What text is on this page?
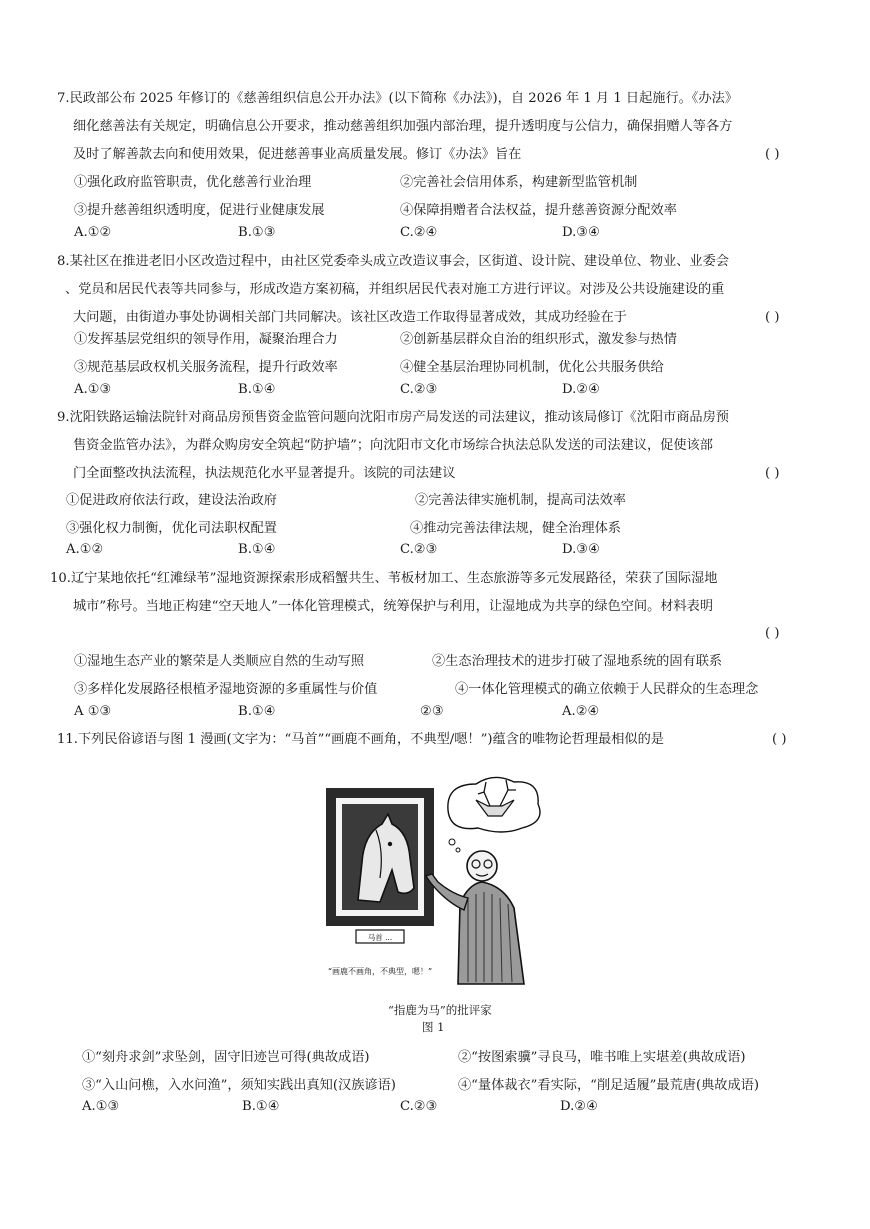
7.民政部公布 2025 年修订的《慈善组织信息公开办法》(以下简称《办法》)，自 2026 年 1 月 1 日起施行。《办法》
细化慈善法有关规定，明确信息公开要求，推动慈善组织加强内部治理，提升透明度与公信力，确保捐赠人等各方
及时了解善款去向和使用效果，促进慈善事业高质量发展。修订《办法》旨在	( )
①强化政府监管职责，优化慈善行业治理	②完善社会信用体系，构建新型监管机制
③提升慈善组织透明度，促进行业健康发展	④保障捐赠者合法权益，提升慈善资源分配效率
A.①②	B.①③	C.②④	D.③④
8.某社区在推进老旧小区改造过程中，由社区党委牵头成立改造议事会，区街道、设计院、建设单位、物业、业委会
、党员和居民代表等共同参与，形成改造方案初稿，并组织居民代表对施工方进行评议。对涉及公共设施建设的重
大问题，由街道办事处协调相关部门共同解决。该社区改造工作取得显著成效，其成功经验在于	( )
①发挥基层党组织的领导作用，凝聚治理合力	②创新基层群众自治的组织形式，激发参与热情
③规范基层政权机关服务流程，提升行政效率	④健全基层治理协同机制，优化公共服务供给
A.①③	B.①④	C.②③	D.②④
9.沈阳铁路运输法院针对商品房预售资金监管问题向沈阳市房产局发送的司法建议，推动该局修订《沈阳市商品房预
售资金监管办法》，为群众购房安全筑起“防护墙”；向沈阳市文化市场综合执法总队发送的司法建议，促使该部
门全面整改执法流程，执法规范化水平显著提升。该院的司法建议	( )
①促进政府依法行政，建设法治政府	②完善法律实施机制，提高司法效率
③强化权力制衡，优化司法职权配置	④推动完善法律法规，健全治理体系
A.①②	B.①④	C.②③	D.③④
10.辽宁某地依托“红滩绿苇”湿地资源探索形成稻蟹共生、苇板材加工、生态旅游等多元发展路径，荣获了国际湿地
城市”称号。当地正构建“空天地人”一体化管理模式，统筹保护与利用，让湿地成为共享的绿色空间。材料表明
( )
①湿地生态产业的繁荣是人类顺应自然的生动写照	②生态治理技术的进步打破了湿地系统的固有联系
③多样化发展路径根植矛湿地资源的多重属性与价值	④一体化管理模式的确立依赖于人民群众的生态理念
A ①③	B.①④	②③	A.②④
11.下列民俗谚语与图 1 漫画(文字为：“马首”“画鹿不画角，不典型/嗯！”)蕴含的唯物论哲理最相似的是	( )
马首 ...
“画鹿不画角，不典型，嗯！”
“指鹿为马”的批评家
图 1
①“刻舟求剑”求坠剑，固守旧迹岂可得(典故成语)	②“按图索骥”寻良马，唯书唯上实堪差(典故成语)
③“入山问樵，入水问渔”，须知实践出真知(汉族谚语)	④“量体裁衣”看实际，“削足适履”最荒唐(典故成语)
A.①③	B.①④	C.②③	D.②④
